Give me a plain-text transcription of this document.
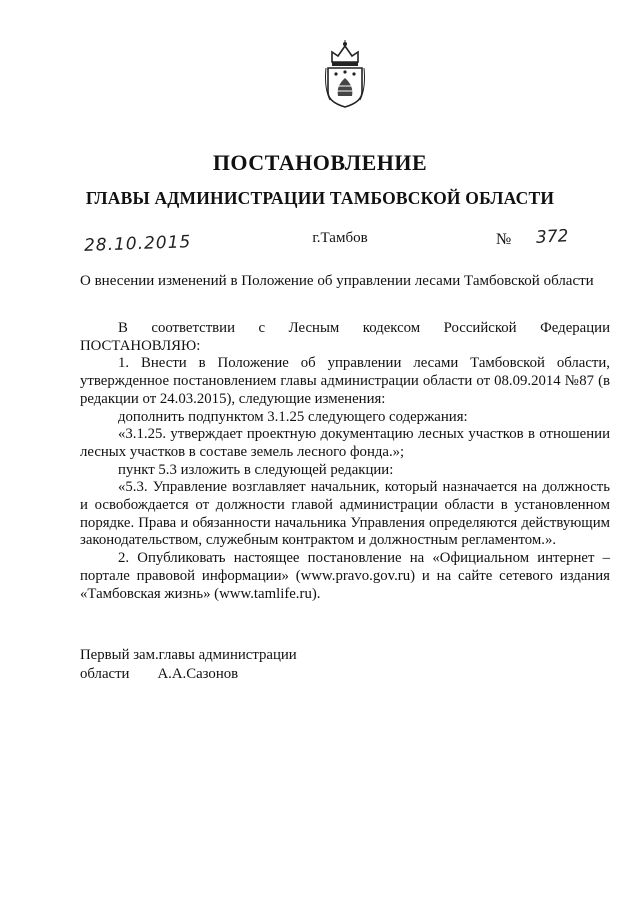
ПОСТАНОВЛЕНИЕ
ГЛАВЫ АДМИНИСТРАЦИИ ТАМБОВСКОЙ ОБЛАСТИ
28.10.2015	г.Тамбов	№ 372
О внесении изменений в Положение об управлении лесами Тамбовской области

В соответствии с Лесным кодексом Российской Федерации

ПОСТАНОВЛЯЮ:

1. Внести в Положение об управлении лесами Тамбовской области, утвержденное постановлением главы администрации области от 08.09.2014 №87 (в редакции от 24.03.2015), следующие изменения:

дополнить подпунктом 3.1.25 следующего содержания:

«3.1.25. утверждает проектную документацию лесных участков в отношении лесных участков в составе земель лесного фонда.»;

пункт 5.3 изложить в следующей редакции:

«5.3. Управление возглавляет начальник, который назначается на должность и освобождается от должности главой администрации области в установленном порядке. Права и обязанности начальника Управления определяются действующим законодательством, служебным контрактом и должностным регламентом.».

2. Опубликовать настоящее постановление на «Официальном интернет – портале правовой информации» (www.pravo.gov.ru) и на сайте сетевого издания «Тамбовская жизнь» (www.tamlife.ru).

Первый зам.главы администрации
области А.А.Сазонов
